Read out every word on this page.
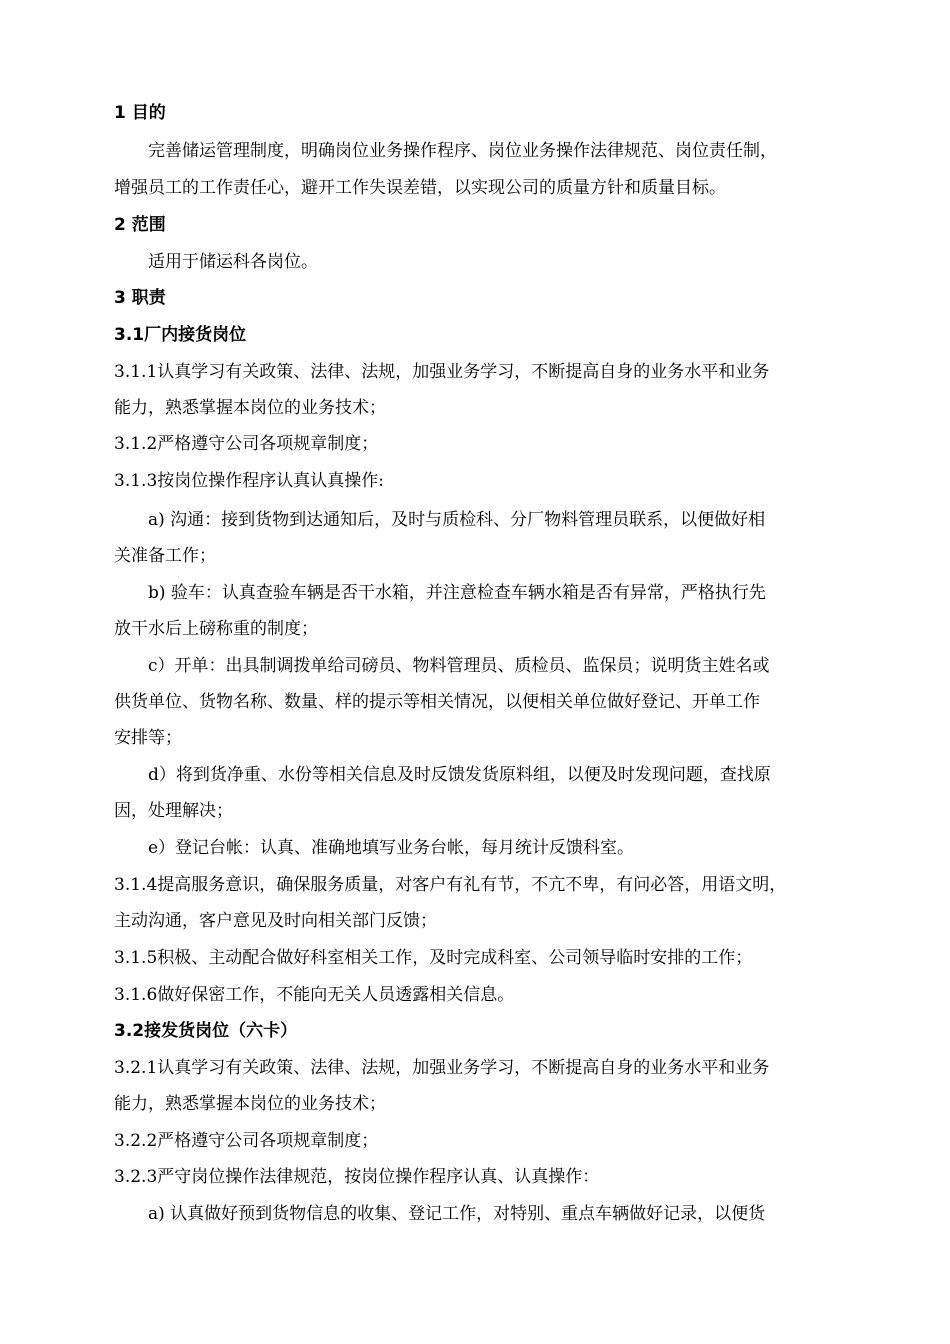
1 目的
完善储运管理制度，明确岗位业务操作程序、岗位业务操作法律规范、岗位责任制，
增强员工的工作责任心，避开工作失误差错，以实现公司的质量方针和质量目标。
2 范围
适用于储运科各岗位。
3 职责
3.1厂内接货岗位
3.1.1认真学习有关政策、法律、法规，加强业务学习，不断提高自身的业务水平和业务
能力，熟悉掌握本岗位的业务技术；
3.1.2严格遵守公司各项规章制度；
3.1.3按岗位操作程序认真认真操作:
a) 沟通：接到货物到达通知后，及时与质检科、分厂物料管理员联系，以便做好相
关准备工作；
b) 验车：认真查验车辆是否干水箱，并注意检查车辆水箱是否有异常，严格执行先
放干水后上磅称重的制度；
c）开单：出具制调拨单给司磅员、物料管理员、质检员、监保员；说明货主姓名或
供货单位、货物名称、数量、样的提示等相关情况，以便相关单位做好登记、开单工作
安排等；
d）将到货净重、水份等相关信息及时反馈发货原料组，以便及时发现问题，查找原
因，处理解决；
e）登记台帐：认真、准确地填写业务台帐，每月统计反馈科室。
3.1.4提高服务意识，确保服务质量，对客户有礼有节，不亢不卑，有问必答，用语文明，
主动沟通，客户意见及时向相关部门反馈；
3.1.5积极、主动配合做好科室相关工作，及时完成科室、公司领导临时安排的工作；
3.1.6做好保密工作，不能向无关人员透露相关信息。
3.2接发货岗位（六卡）
3.2.1认真学习有关政策、法律、法规，加强业务学习，不断提高自身的业务水平和业务
能力，熟悉掌握本岗位的业务技术；
3.2.2严格遵守公司各项规章制度；
3.2.3严守岗位操作法律规范，按岗位操作程序认真、认真操作：
a) 认真做好预到货物信息的收集、登记工作，对特别、重点车辆做好记录，以便货
